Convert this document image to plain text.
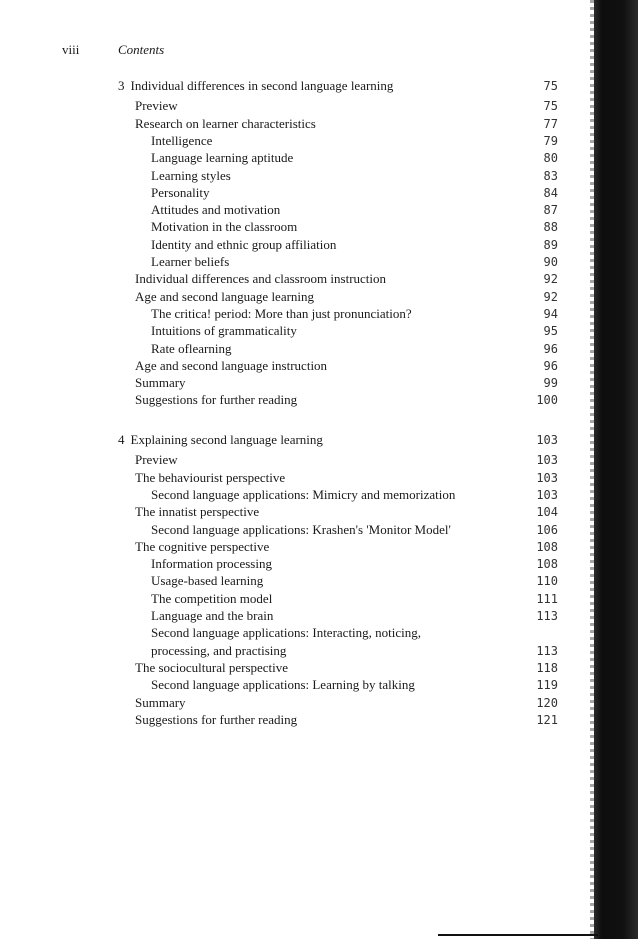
viii	Contents
3 Individual differences in second language learning	75
Preview	75
Research on learner characteristics	77
Intelligence	79
Language learning aptitude	80
Learning styles	83
Personality	84
Attitudes and motivation	87
Motivation in the classroom	88
Identity and ethnic group affiliation	89
Learner beliefs	90
Individual differences and classroom instruction	92
Age and second language learning	92
The critica! period: More than just pronunciation?	94
Intuitions of grammaticality	95
Rate oflearning	96
Age and second language instruction	96
Summary	99
Suggestions for further reading	100
4 Explaining second language learning	103
Preview	103
The behaviourist perspective	103
Second language applications: Mimicry and memorization	103
The innatist perspective	104
Second language applications: Krashen's 'Monitor Model'	106
The cognitive perspective	108
Information processing	108
Usage-based learning	110
The competition model	111
Language and the brain	113
Second language applications: Interacting, noticing,
processing, and practising	113
The sociocultural perspective	118
Second language applications: Learning by talking	119
Summary	120
Suggestions for further reading	121
